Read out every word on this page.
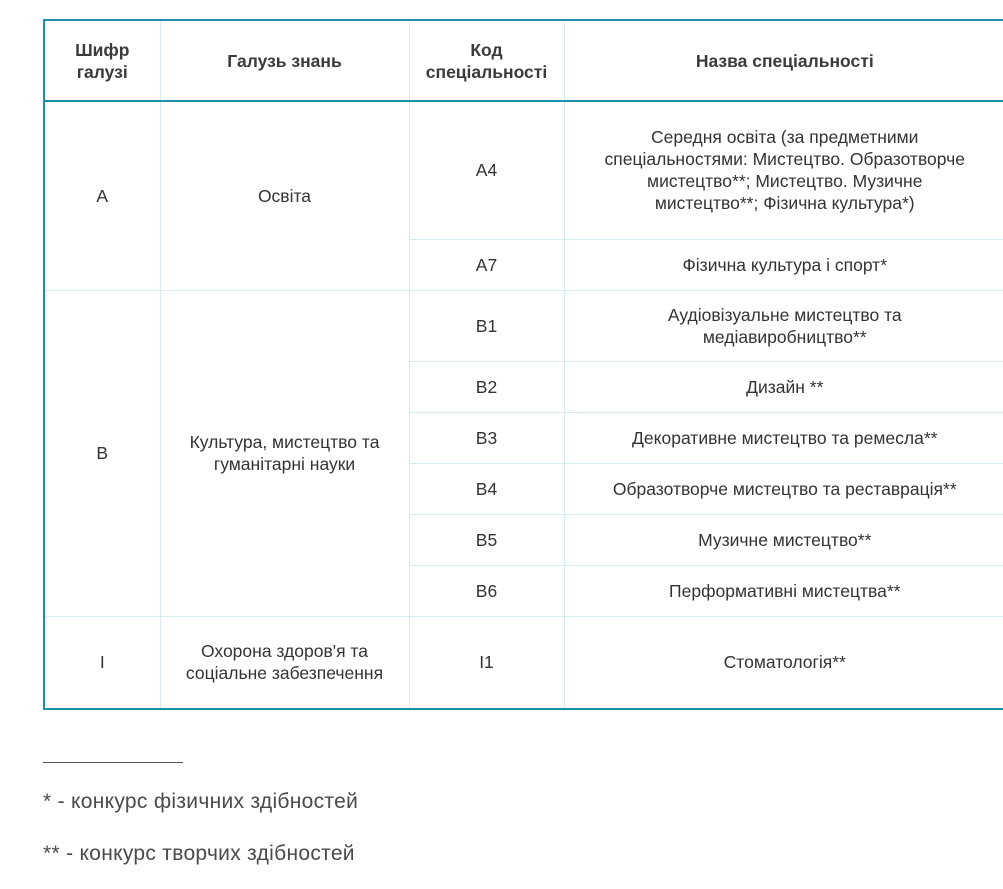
Шифр галузі	Галузь знань	Код спеціальності	Назва спеціальності
A	Освіта	A4	Середня освіта (за предметними спеціальностями: Мистецтво. Образотворче мистецтво**; Мистецтво. Музичне мистецтво**; Фізична культура*)
		A7	Фізична культура і спорт*
B	Культура, мистецтво та гуманітарні науки	B1	Аудіовізуальне мистецтво та медіавиробництво**
		B2	Дизайн **
		B3	Декоративне мистецтво та ремесла**
		B4	Образотворче мистецтво та реставрація**
		B5	Музичне мистецтво**
		B6	Перформативні мистецтва**
I	Охорона здоров'я та соціальне забезпечення	I1	Стоматологія**
* - конкурс фізичних здібностей
** - конкурс творчих здібностей
